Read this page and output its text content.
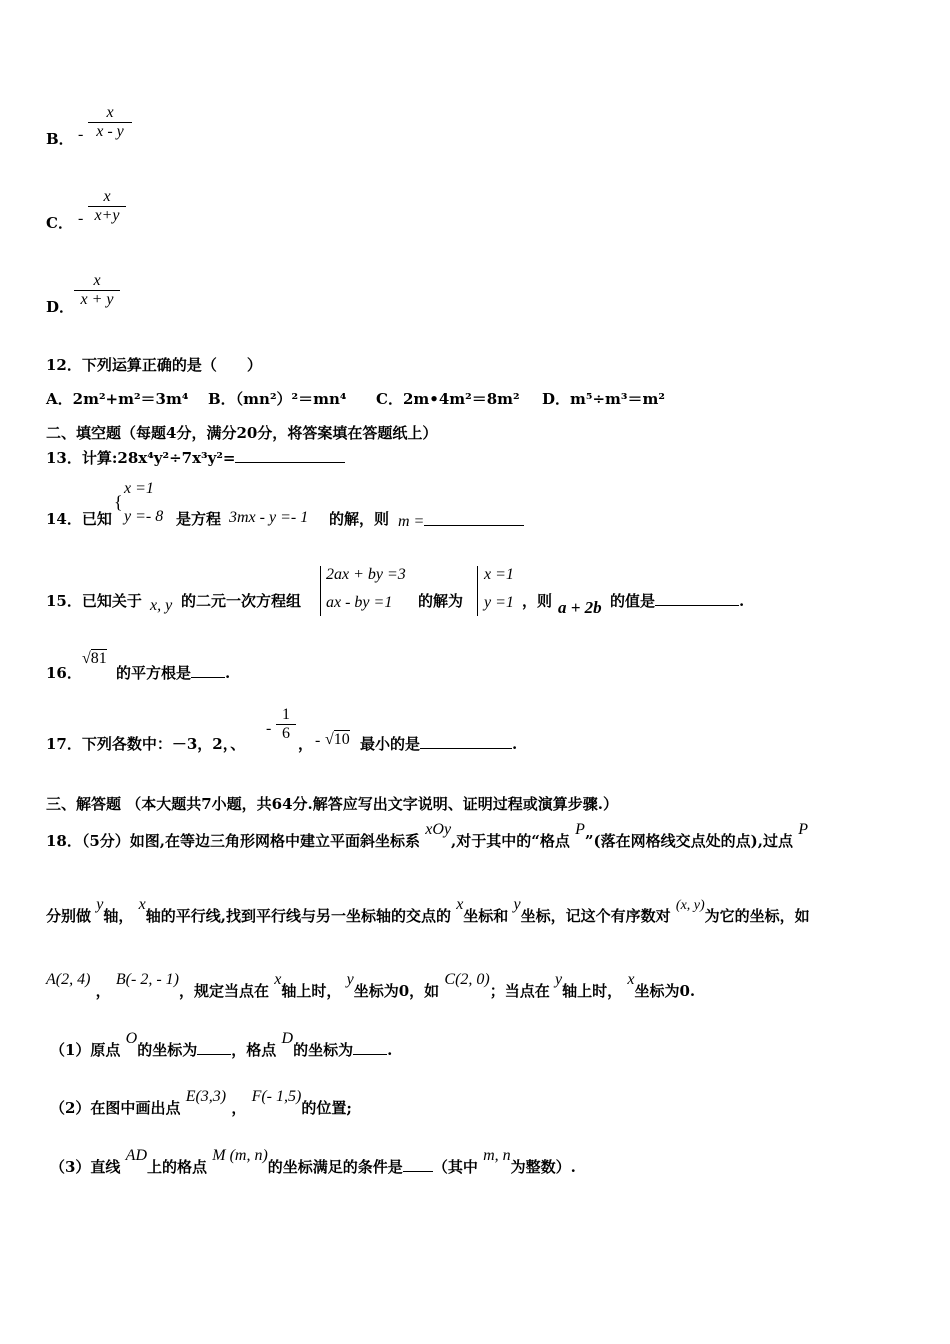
B． -
x
x - y
C． -
x
x+y
D．
x
x + y
12．下列运算正确的是（　　）
A．2m²+m²＝3m⁴ B．（mn²）²＝mn⁴ C．2m•4m²＝8m² D．m⁵÷m³＝m²
二、填空题（每题4分，满分20分，将答案填在答题纸上）
13．计算:28x⁴y²÷7x³y²=
14．已知
{
x =1
y =- 8 是方程 3mx - y =- 1 的解，则 m =
15．已知关于 x, y 的二元一次方程组
2ax + by =3
ax - by =1 的解为
x =1
y =1 ，则 a + 2b 的值是	.
16．
√81
的平方根是 .
17．下列各数中：－3，2，、
-
1
6
， - √10 最小的是	.
三、解答题 （本大题共7小题，共64分.解答应写出文字说明、证明过程或演算步骤.）
18．（5分）如图,在等边三角形网格中建立平面斜坐标系 xOy,对于其中的“格点 P”(落在网格线交点处的点),过点 P
分别做 y轴， x轴的平行线,找到平行线与另一坐标轴的交点的 x坐标和 y坐标，记这个有序数对 (x, y)为它的坐标，如
A(2, 4) ， B(- 2, - 1)，规定当点在 x轴上时， y坐标为0，如 C(2, 0)；当点在 y轴上时， x坐标为0.
（1）原点 O的坐标为 ，格点 D的坐标为 .
（2）在图中画出点 E(3,3) ， F(- 1,5)的位置;
（3）直线 AD上的格点 M (m, n)的坐标满足的条件是 （其中 m, n为整数）.
